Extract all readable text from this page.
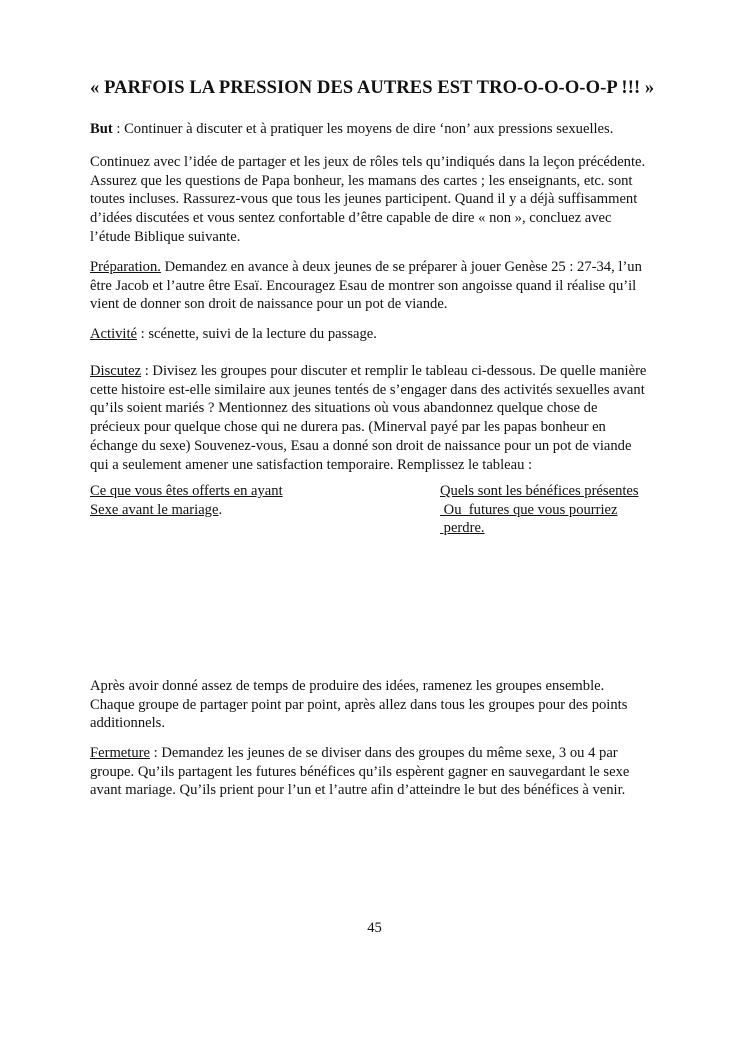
« PARFOIS LA PRESSION DES AUTRES EST TRO-O-O-O-O-P !!! »
But : Continuer à discuter et à pratiquer les moyens de dire ‘non’ aux pressions sexuelles.
Continuez avec l’idée de partager et les jeux de rôles tels qu’indiqués dans la leçon précédente.
Assurez que les questions de Papa bonheur, les mamans des cartes ; les enseignants, etc. sont
toutes incluses. Rassurez-vous que tous les jeunes participent. Quand il y a déjà suffisamment
d’idées discutées et vous sentez confortable d’être capable de dire « non », concluez avec
l’étude Biblique suivante.
Préparation. Demandez en avance à deux jeunes de se préparer à jouer Genèse 25 : 27-34, l’un
être Jacob et l’autre être Esaï. Encouragez Esau de montrer son angoisse quand il réalise qu’il
vient de donner son droit de naissance pour un pot de viande.
Activité : scénette, suivi de la lecture du passage.
Discutez : Divisez les groupes pour discuter et remplir le tableau ci-dessous. De quelle manière
cette histoire est-elle similaire aux jeunes tentés de s’engager dans des activités sexuelles avant
qu’ils soient mariés ? Mentionnez des situations où vous abandonnez quelque chose de
précieux pour quelque chose qui ne durera pas. (Minerval payé par les papas bonheur en
échange du sexe) Souvenez-vous, Esau a donné son droit de naissance pour un pot de viande
qui a seulement amener une satisfaction temporaire. Remplissez le tableau :
Ce que vous êtes offerts en ayant
Sexe avant le mariage.
Quels sont les bénéfices présentes
Ou  futures que vous pourriez
perdre.
Après avoir donné assez de temps de produire des idées, ramenez les groupes ensemble.
Chaque groupe de partager point par point, après allez dans tous les groupes pour des points
additionnels.
Fermeture : Demandez les jeunes de se diviser dans des groupes du même sexe, 3 ou 4 par
groupe. Qu’ils partagent les futures bénéfices qu’ils espèrent gagner en sauvegardant le sexe
avant mariage. Qu’ils prient pour l’un et l’autre afin d’atteindre le but des bénéfices à venir.
45
